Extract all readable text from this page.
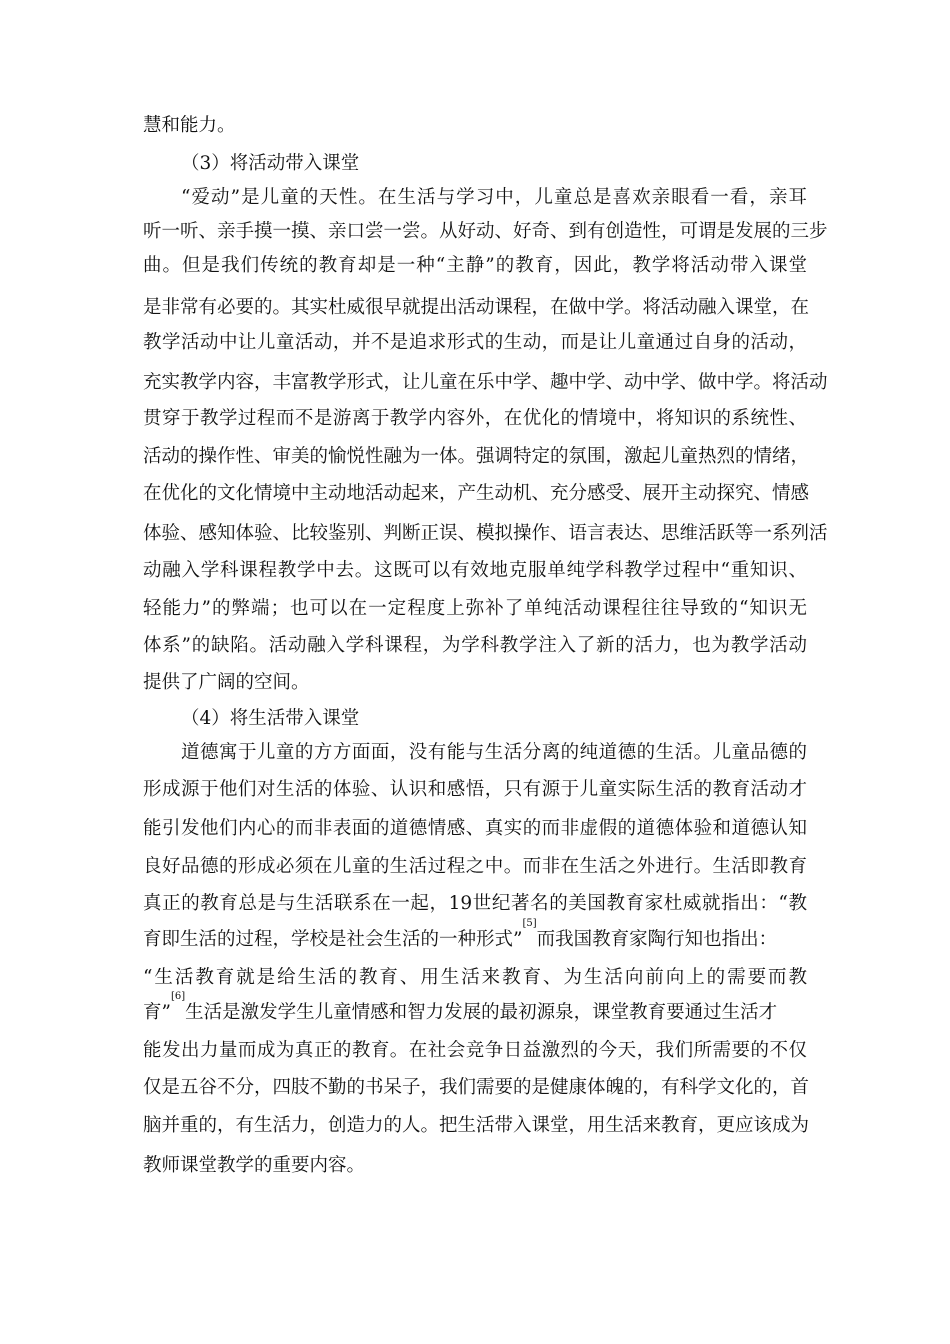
慧和能力。
（3）将活动带入课堂
“爱动”是儿童的天性。在生活与学习中，儿童总是喜欢亲眼看一看，亲耳
听一听、亲手摸一摸、亲口尝一尝。从好动、好奇、到有创造性，可谓是发展的三步
曲。但是我们传统的教育却是一种“主静”的教育，因此，教学将活动带入课堂
是非常有必要的。其实杜威很早就提出活动课程，在做中学。将活动融入课堂，在
教学活动中让儿童活动，并不是追求形式的生动，而是让儿童通过自身的活动，
充实教学内容，丰富教学形式，让儿童在乐中学、趣中学、动中学、做中学。将活动
贯穿于教学过程而不是游离于教学内容外，在优化的情境中，将知识的系统性、
活动的操作性、审美的愉悦性融为一体。强调特定的氛围，激起儿童热烈的情绪，
在优化的文化情境中主动地活动起来，产生动机、充分感受、展开主动探究、情感
体验、感知体验、比较鉴别、判断正误、模拟操作、语言表达、思维活跃等一系列活
动融入学科课程教学中去。这既可以有效地克服单纯学科教学过程中“重知识、
轻能力”的弊端；也可以在一定程度上弥补了单纯活动课程往往导致的“知识无
体系”的缺陷。活动融入学科课程，为学科教学注入了新的活力，也为教学活动
提供了广阔的空间。
（4）将生活带入课堂
道德寓于儿童的方方面面，没有能与生活分离的纯道德的生活。儿童品德的
形成源于他们对生活的体验、认识和感悟，只有源于儿童实际生活的教育活动才
能引发他们内心的而非表面的道德情感、真实的而非虚假的道德体验和道德认知
良好品德的形成必须在儿童的生活过程之中。而非在生活之外进行。生活即教育
真正的教育总是与生活联系在一起，19世纪著名的美国教育家杜威就指出：“教
育即生活的过程，学校是社会生活的一种形式”[5]而我国教育家陶行知也指出：
“生活教育就是给生活的教育、用生活来教育、为生活向前向上的需要而教
育”[6]生活是激发学生儿童情感和智力发展的最初源泉，课堂教育要通过生活才
能发出力量而成为真正的教育。在社会竞争日益激烈的今天，我们所需要的不仅
仅是五谷不分，四肢不勤的书呆子，我们需要的是健康体魄的，有科学文化的，首
脑并重的，有生活力，创造力的人。把生活带入课堂，用生活来教育，更应该成为
教师课堂教学的重要内容。
